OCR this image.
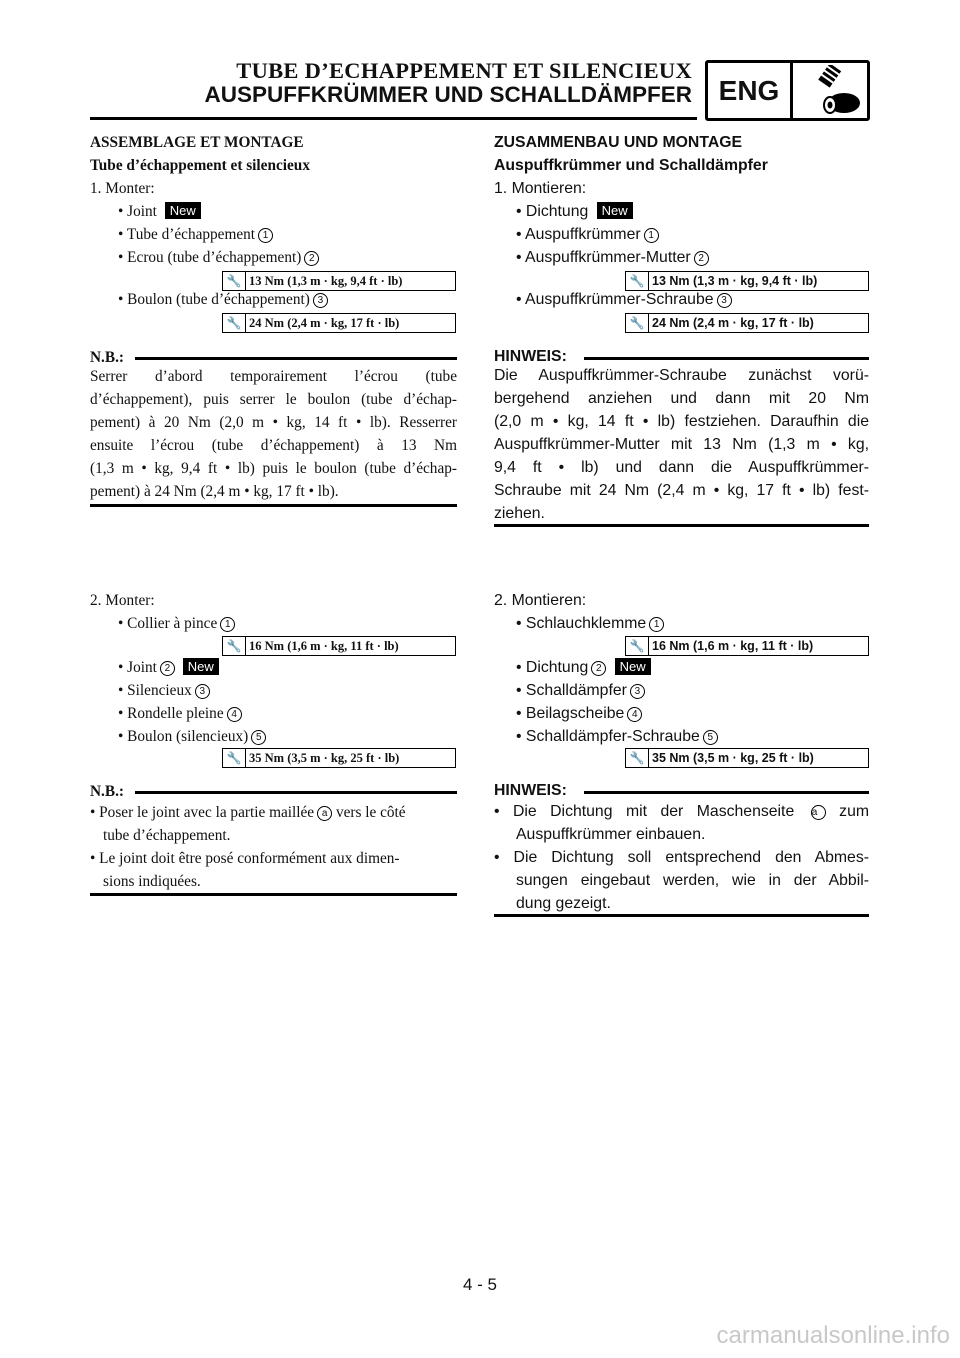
TUBE D’ECHAPPEMENT ET SILENCIEUX
AUSPUFFKRÜMMER UND SCHALLDÄMPFER ENG
ASSEMBLAGE ET MONTAGE
Tube d’échappement et silencieux
1. Monter:
• Joint New
• Tube d’échappement 1
• Ecrou (tube d’échappement) 2
🔧 13 Nm (1,3 m · kg, 9,4 ft · lb)
• Boulon (tube d’échappement) 3
🔧 24 Nm (2,4 m · kg, 17 ft · lb)
N.B.:
Serrer d’abord temporairement l’écrou (tube
d’échappement), puis serrer le boulon (tube d’échap-
pement) à 20 Nm (2,0 m • kg, 14 ft • lb). Resserrer
ensuite l’écrou (tube d’échappement) à 13 Nm
(1,3 m • kg, 9,4 ft • lb) puis le boulon (tube d’échap-
pement) à 24 Nm (2,4 m • kg, 17 ft • lb).
2. Monter:
• Collier à pince 1
🔧 16 Nm (1,6 m · kg, 11 ft · lb)
• Joint 2 New
• Silencieux 3
• Rondelle pleine 4
• Boulon (silencieux) 5
🔧 35 Nm (3,5 m · kg, 25 ft · lb)
N.B.:
• Poser le joint avec la partie maillée a vers le côté
tube d’échappement.
• Le joint doit être posé conformément aux dimen-
sions indiquées.
ZUSAMMENBAU UND MONTAGE
Auspuffkrümmer und Schalldämpfer
1. Montieren:
• Dichtung New
• Auspuffkrümmer 1
• Auspuffkrümmer-Mutter 2
🔧 13 Nm (1,3 m · kg, 9,4 ft · lb)
• Auspuffkrümmer-Schraube 3
🔧 24 Nm (2,4 m · kg, 17 ft · lb)
HINWEIS:
Die Auspuffkrümmer-Schraube zunächst vorü-
bergehend anziehen und dann mit 20 Nm
(2,0 m • kg, 14 ft • lb) festziehen. Daraufhin die
Auspuffkrümmer-Mutter mit 13 Nm (1,3 m • kg,
9,4 ft • lb) und dann die Auspuffkrümmer-
Schraube mit 24 Nm (2,4 m • kg, 17 ft • lb) fest-
ziehen.
2. Montieren:
• Schlauchklemme 1
🔧 16 Nm (1,6 m · kg, 11 ft · lb)
• Dichtung 2 New
• Schalldämpfer 3
• Beilagscheibe 4
• Schalldämpfer-Schraube 5
🔧 35 Nm (3,5 m · kg, 25 ft · lb)
HINWEIS:
• Die Dichtung mit der Maschenseite a zum
Auspuffkrümmer einbauen.
• Die Dichtung soll entsprechend den Abmes-
sungen eingebaut werden, wie in der Abbil-
dung gezeigt.
4 - 5
carmanualsonline.info
